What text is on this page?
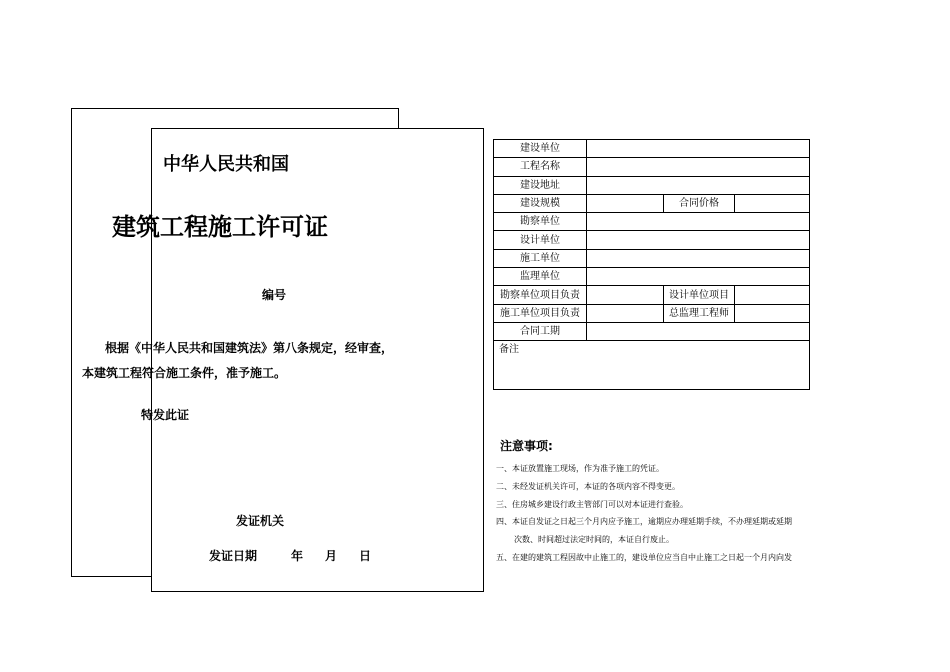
中华人民共和国
建筑工程施工许可证
编号
根据《中华人民共和国建筑法》第八条规定，经审查，
本建筑工程符合施工条件，准予施工。
特发此证
发证机关
发证日期	年 月 日
建设单位			
工程名称			
建设地址			
建设规模		合同价格	
勘察单位			
设计单位			
施工单位			
监理单位			
勘察单位项目负责		设计单位项目	
施工单位项目负责		总监理工程师	
合同工期			
备注			
注意事项:
一、本证放置施工现场，作为准予施工的凭证。
二、未经发证机关许可，本证的各项内容不得变更。
三、住房城乡建设行政主管部门可以对本证进行查验。
四、本证自发证之日起三个月内应予施工，逾期应办理延期手续，不办理延期或延期
次数、时间超过法定时间的，本证自行废止。
五、在建的建筑工程因故中止施工的，建设单位应当自中止施工之日起一个月内向发
